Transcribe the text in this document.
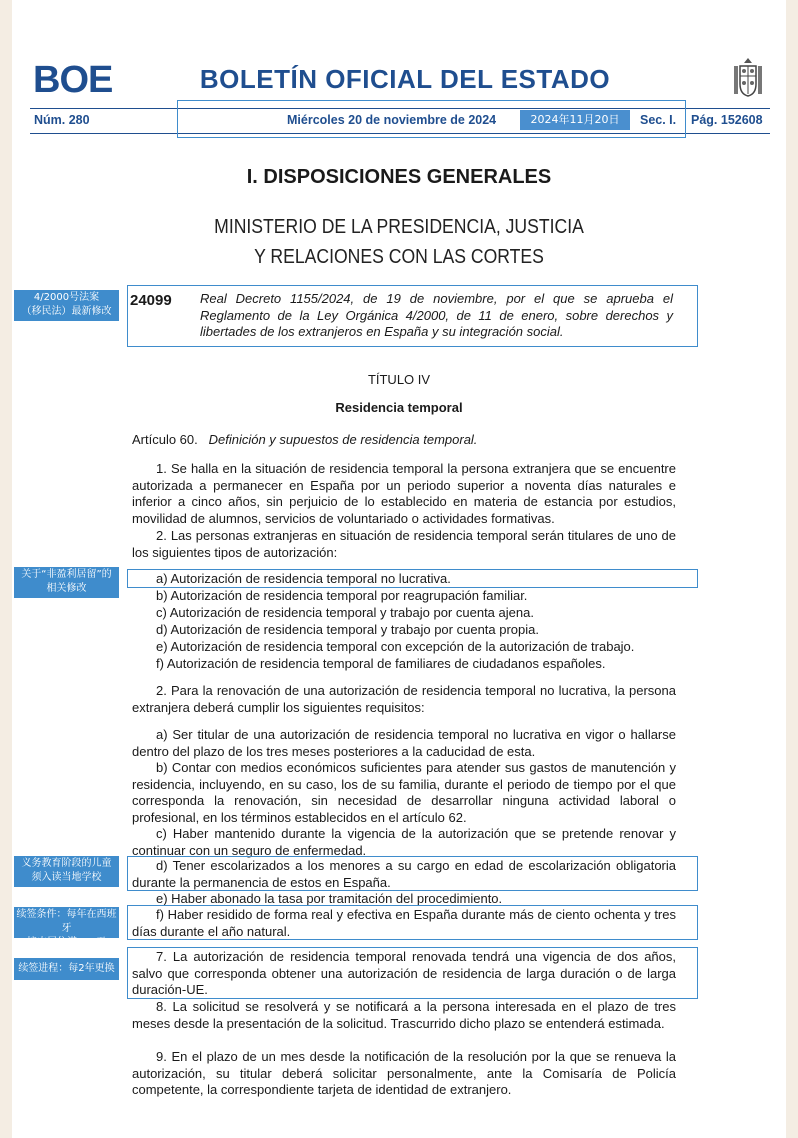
BOE	BOLETÍN OFICIAL DEL ESTADO
Núm. 280	Miércoles 20 de noviembre de 2024	2024年11月20日	Sec. I. Pág. 152608
I. DISPOSICIONES GENERALES
MINISTERIO DE LA PRESIDENCIA, JUSTICIA
Y RELACIONES CON LAS CORTES
24099 Real Decreto 1155/2024, de 19 de noviembre, por el que se aprueba el Reglamento de la Ley Orgánica 4/2000, de 11 de enero, sobre derechos y libertades de los extranjeros en España y su integración social.
4/2000号法案
（移民法）最新修改
关于“非盈利居留”的
相关修改
义务教育阶段的儿童
须入读当地学校
续签条件：每年在西班牙
境内居住满183天
续签进程：每2年更换
TÍTULO IV
Residencia temporal
Artículo 60. Definición y supuestos de residencia temporal.
1. Se halla en la situación de residencia temporal la persona extranjera que se encuentre autorizada a permanecer en España por un periodo superior a noventa días naturales e inferior a cinco años, sin perjuicio de lo establecido en materia de estancia por estudios, movilidad de alumnos, servicios de voluntariado o actividades formativas.
2. Las personas extranjeras en situación de residencia temporal serán titulares de uno de los siguientes tipos de autorización:
a) Autorización de residencia temporal no lucrativa.
b) Autorización de residencia temporal por reagrupación familiar.
c) Autorización de residencia temporal y trabajo por cuenta ajena.
d) Autorización de residencia temporal y trabajo por cuenta propia.
e) Autorización de residencia temporal con excepción de la autorización de trabajo.
f) Autorización de residencia temporal de familiares de ciudadanos españoles.
2. Para la renovación de una autorización de residencia temporal no lucrativa, la persona extranjera deberá cumplir los siguientes requisitos:
a) Ser titular de una autorización de residencia temporal no lucrativa en vigor o hallarse dentro del plazo de los tres meses posteriores a la caducidad de esta.
b) Contar con medios económicos suficientes para atender sus gastos de manutención y residencia, incluyendo, en su caso, los de su familia, durante el periodo de tiempo por el que corresponda la renovación, sin necesidad de desarrollar ninguna actividad laboral o profesional, en los términos establecidos en el artículo 62.
c) Haber mantenido durante la vigencia de la autorización que se pretende renovar y continuar con un seguro de enfermedad.
d) Tener escolarizados a los menores a su cargo en edad de escolarización obligatoria durante la permanencia de estos en España.
e) Haber abonado la tasa por tramitación del procedimiento.
f) Haber residido de forma real y efectiva en España durante más de ciento ochenta y tres días durante el año natural.
7. La autorización de residencia temporal renovada tendrá una vigencia de dos años, salvo que corresponda obtener una autorización de residencia de larga duración o de larga duración-UE.
8. La solicitud se resolverá y se notificará a la persona interesada en el plazo de tres meses desde la presentación de la solicitud. Trascurrido dicho plazo se entenderá estimada.
9. En el plazo de un mes desde la notificación de la resolución por la que se renueva la autorización, su titular deberá solicitar personalmente, ante la Comisaría de Policía competente, la correspondiente tarjeta de identidad de extranjero.
